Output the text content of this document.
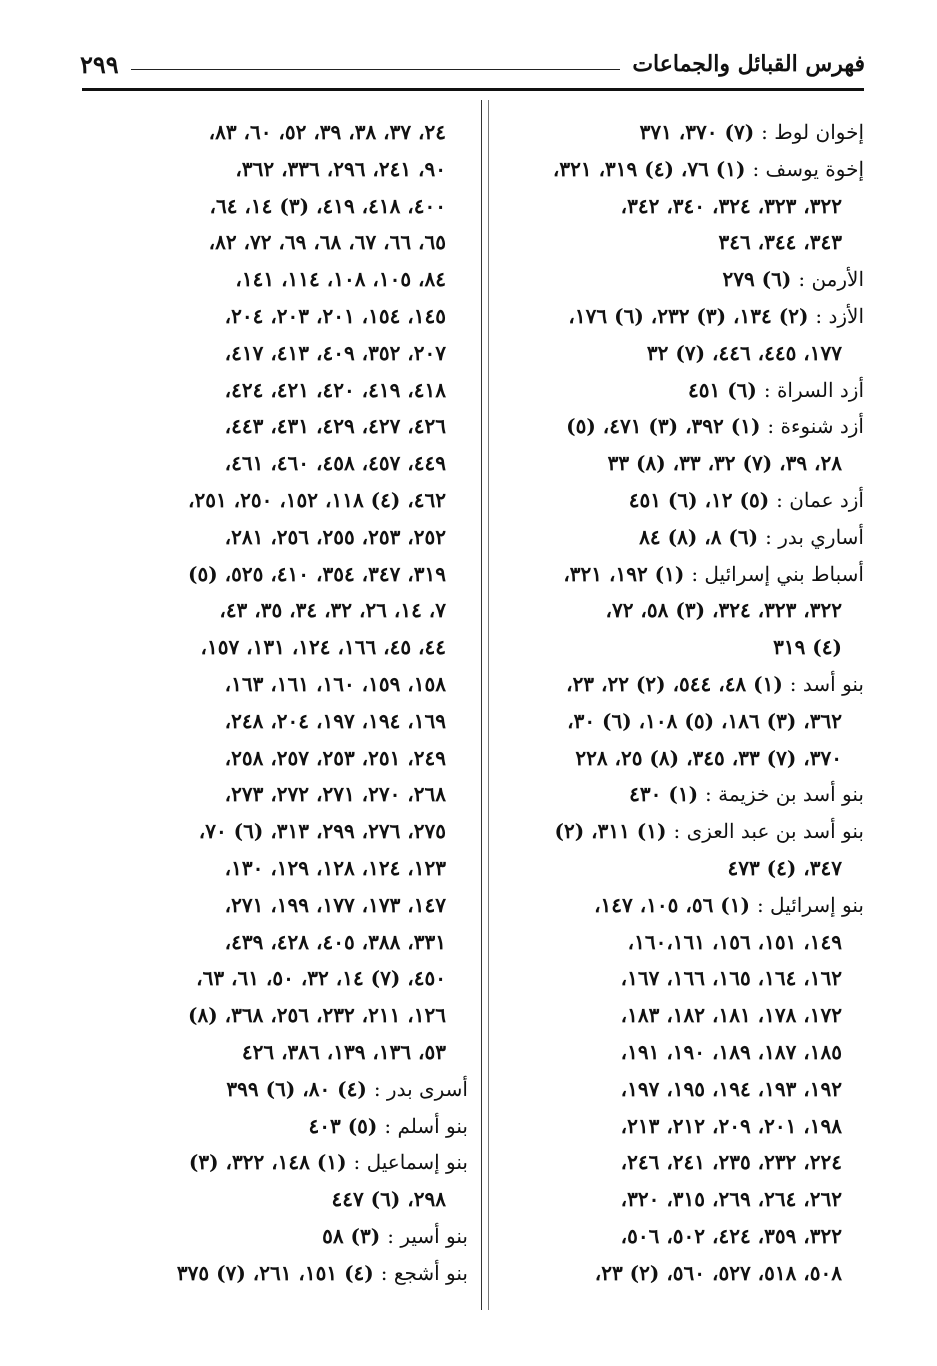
فهرس القبائل والجماعات
٢٩٩
إخوان لوط : (٧) ٣٧٠، ٣٧١
إخوة يوسف : (١) ٧٦، (٤) ٣١٩، ٣٢١،
٣٢٢، ٣٢٣، ٣٢٤، ٣٤٠، ٣٤٢،
٣٤٣، ٣٤٤، ٣٤٦
الأرمن : (٦) ٢٧٩
الأزد : (٢) ١٣٤، (٣) ٢٣٢، (٦) ١٧٦،
١٧٧، ٤٤٥، ٤٤٦، (٧) ٣٢
أزد السراة : (٦) ٤٥١
أزد شنوءة : (١) ٣٩٢، (٣) ٤٧١، (٥)
٢٨، ٣٩، (٧) ٣٢، ٣٣، (٨) ٣٣
أزد عمان : (٥) ١٢، (٦) ٤٥١
أساري بدر : (٦) ٨، (٨) ٨٤
أسباط بني إسرائيل : (١) ١٩٢، ٣٢١،
٣٢٢، ٣٢٣، ٣٢٤، (٣) ٥٨، ٧٢،
(٤) ٣١٩
بنو أسد : (١) ٤٨، ٥٤٤، (٢) ٢٢، ٢٣،
٣٦٢، (٣) ١٨٦، (٥) ١٠٨، (٦) ٣٠،
٣٧٠، (٧) ٣٣، ٣٤٥، (٨) ٢٥، ٢٢٨
بنو أسد بن خزيمة : (١) ٤٣٠
بنو أسد بن عبد العزى : (١) ٣١١، (٢)
٣٤٧، (٤) ٤٧٣
بنو إسرائيل : (١) ٥٦، ١٠٥، ١٤٧،
١٤٩، ١٥١، ١٥٦، ١٦٠،١٦١،
١٦٢، ١٦٤، ١٦٥، ١٦٦، ١٦٧،
١٧٢، ١٧٨، ١٨١، ١٨٢، ١٨٣،
١٨٥، ١٨٧، ١٨٩، ١٩٠، ١٩١،
١٩٢، ١٩٣، ١٩٤، ١٩٥، ١٩٧،
١٩٨، ٢٠١، ٢٠٩، ٢١٢، ٢١٣،
٢٢٤، ٢٣٢، ٢٣٥، ٢٤١، ٢٤٦،
٢٦٢، ٢٦٤، ٢٦٩، ٣١٥، ٣٢٠،
٣٢٢، ٣٥٩، ٤٢٤، ٥٠٢، ٥٠٦،
٥٠٨، ٥١٨، ٥٢٧، ٥٦٠، (٢) ٢٣،
٢٤، ٣٧، ٣٨، ٣٩، ٥٢، ٦٠، ٨٣،
٩٠، ٢٤١، ٢٩٦، ٣٣٦، ٣٦٢،
٤٠٠، ٤١٨، ٤١٩، (٣) ١٤، ٦٤،
٦٥، ٦٦، ٦٧، ٦٨، ٦٩، ٧٢، ٨٢،
٨٤، ١٠٥، ١٠٨، ١١٤، ١٤١،
١٤٥، ١٥٤، ٢٠١، ٢٠٣، ٢٠٤،
٢٠٧، ٣٥٢، ٤٠٩، ٤١٣، ٤١٧،
٤١٨، ٤١٩، ٤٢٠، ٤٢١، ٤٢٤،
٤٢٦، ٤٢٧، ٤٢٩، ٤٣١، ٤٤٣،
٤٤٩، ٤٥٧، ٤٥٨، ٤٦٠، ٤٦١،
٤٦٢، (٤) ١١٨، ١٥٢، ٢٥٠، ٢٥١،
٢٥٢، ٢٥٣، ٢٥٥، ٢٥٦، ٢٨١،
٣١٩، ٣٤٧، ٣٥٤، ٤١٠، ٥٢٥، (٥)
٧، ١٤، ٢٦، ٣٢، ٣٤، ٣٥، ٤٣،
٤٤، ٤٥، ١٦٦، ١٢٤، ١٣١، ١٥٧،
١٥٨، ١٥٩، ١٦٠، ١٦١، ١٦٣،
١٦٩، ١٩٤، ١٩٧، ٢٠٤، ٢٤٨،
٢٤٩، ٢٥١، ٢٥٣، ٢٥٧، ٢٥٨،
٢٦٨، ٢٧٠، ٢٧١، ٢٧٢، ٢٧٣،
٢٧٥، ٢٧٦، ٢٩٩، ٣١٣، (٦) ٧٠،
١٢٣، ١٢٤، ١٢٨، ١٢٩، ١٣٠،
١٤٧، ١٧٣، ١٧٧، ١٩٩، ٢٧١،
٣٣١، ٣٨٨، ٤٠٥، ٤٢٨، ٤٣٩،
٤٥٠، (٧) ١٤، ٣٢، ٥٠، ٦١، ٦٣،
١٢٦، ٢١١، ٢٣٢، ٢٥٦، ٣٦٨، (٨)
٥٣، ١٣٦، ١٣٩، ٣٨٦، ٤٢٦
أسرى بدر : (٤) ٨٠، (٦) ٣٩٩
بنو أسلم : (٥) ٤٠٣
بنو إسماعيل : (١) ١٤٨، ٣٢٢، (٣)
٢٩٨، (٦) ٤٤٧
بنو أسير : (٣) ٥٨
بنو أشجع : (٤) ١٥١، ٢٦١، (٧) ٣٧٥
